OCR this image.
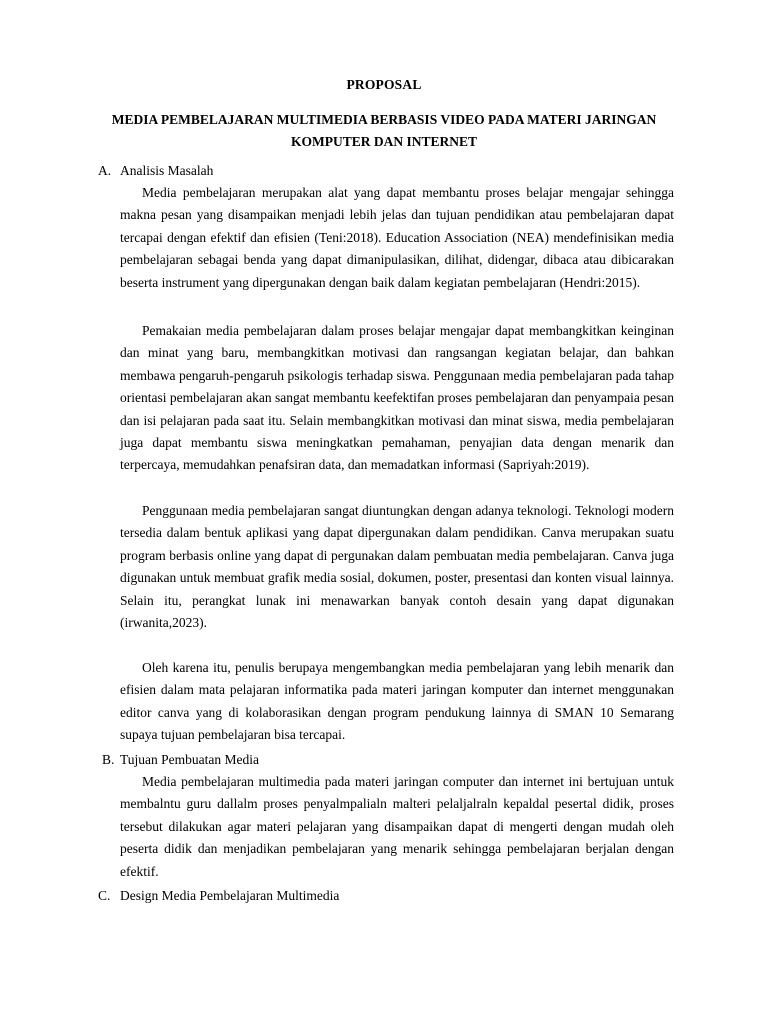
PROPOSAL
MEDIA PEMBELAJARAN MULTIMEDIA BERBASIS VIDEO PADA MATERI JARINGAN KOMPUTER DAN INTERNET
A. Analisis Masalah

Media pembelajaran merupakan alat yang dapat membantu proses belajar mengajar sehingga makna pesan yang disampaikan menjadi lebih jelas dan tujuan pendidikan atau pembelajaran dapat tercapai dengan efektif dan efisien (Teni:2018). Education Association (NEA) mendefinisikan media pembelajaran sebagai benda yang dapat dimanipulasikan, dilihat, didengar, dibaca atau dibicarakan beserta instrument yang dipergunakan dengan baik dalam kegiatan pembelajaran (Hendri:2015).

Pemakaian media pembelajaran dalam proses belajar mengajar dapat membangkitkan keinginan dan minat yang baru, membangkitkan motivasi dan rangsangan kegiatan belajar, dan bahkan membawa pengaruh-pengaruh psikologis terhadap siswa. Penggunaan media pembelajaran pada tahap orientasi pembelajaran akan sangat membantu keefektifan proses pembelajaran dan penyampaia pesan dan isi pelajaran pada saat itu. Selain membangkitkan motivasi dan minat siswa, media pembelajaran juga dapat membantu siswa meningkatkan pemahaman, penyajian data dengan menarik dan terpercaya, memudahkan penafsiran data, dan memadatkan informasi (Sapriyah:2019).

Penggunaan media pembelajaran sangat diuntungkan dengan adanya teknologi. Teknologi modern tersedia dalam bentuk aplikasi yang dapat dipergunakan dalam pendidikan. Canva merupakan suatu program berbasis online yang dapat di pergunakan dalam pembuatan media pembelajaran. Canva juga digunakan untuk membuat grafik media sosial, dokumen, poster, presentasi dan konten visual lainnya. Selain itu, perangkat lunak ini menawarkan banyak contoh desain yang dapat digunakan (irwanita,2023).

Oleh karena itu, penulis berupaya mengembangkan media pembelajaran yang lebih menarik dan efisien dalam mata pelajaran informatika pada materi jaringan komputer dan internet menggunakan editor canva yang di kolaborasikan dengan program pendukung lainnya di SMAN 10 Semarang supaya tujuan pembelajaran bisa tercapai.

B. Tujuan Pembuatan Media

Media pembelajaran multimedia pada materi jaringan computer dan internet ini bertujuan untuk membalntu guru dallalm proses penyalmpalialn malteri pelaljalraln kepaldal pesertal didik, proses tersebut dilakukan agar materi pelajaran yang disampaikan dapat di mengerti dengan mudah oleh peserta didik dan menjadikan pembelajaran yang menarik sehingga pembelajaran berjalan dengan efektif.

C. Design Media Pembelajaran Multimedia
